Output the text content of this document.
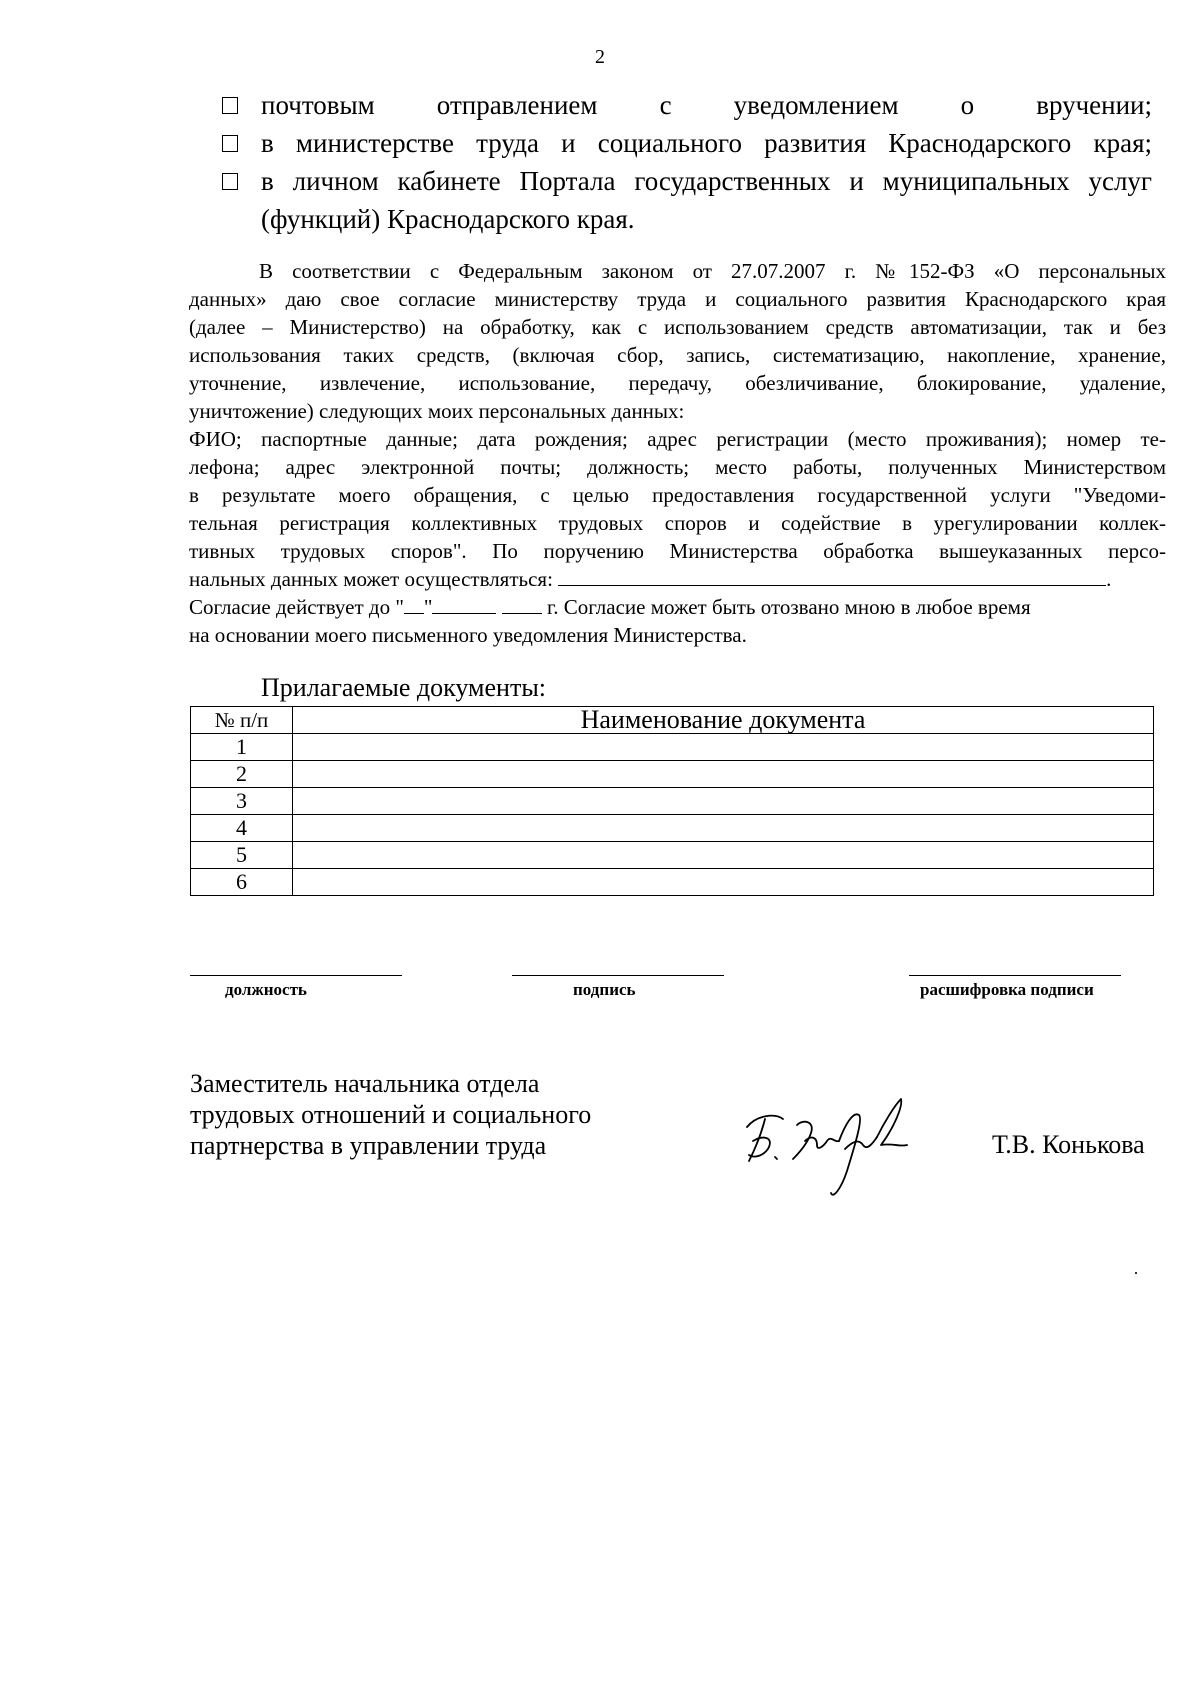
2
почтовым отправлением с уведомлением о вручении;
в министерстве труда и социального развития Краснодарского края;
в личном кабинете Портала государственных и муниципальных услуг
(функций) Краснодарского края.
В соответствии с Федеральным законом от 27.07.2007 г. №152-ФЗ «О персональных
данных» даю свое согласие министерству труда и социального развития Краснодарского края
(далее – Министерство) на обработку, как с использованием средств автоматизации, так и без
использования таких средств, (включая сбор, запись, систематизацию, накопление, хранение,
уточнение, извлечение, использование, передачу, обезличивание, блокирование, удаление,
уничтожение) следующих моих персональных данных:
ФИО; паспортные данные; дата рождения; адрес регистрации (место проживания); номер те-
лефона; адрес электронной почты; должность; место работы, полученных Министерством
в результате моего обращения, с целью предоставления государственной услуги "Уведоми-
тельная регистрация коллективных трудовых споров и содействие в урегулировании коллек-
тивных трудовых споров". По поручению Министерства обработка вышеуказанных персо-
нальных данных может осуществляться:	.
Согласие действует до " "	г. Согласие может быть отозвано мною в любое время
на основании моего письменного уведомления Министерства.
Прилагаемые документы:
№ п/п	Наименование документа
1	
2	
3	
4	
5	
6	
должность	подпись	расшифровка подписи
Заместитель начальника отдела
трудовых отношений и социального
партнерства в управлении труда	Т.В. Конькова
